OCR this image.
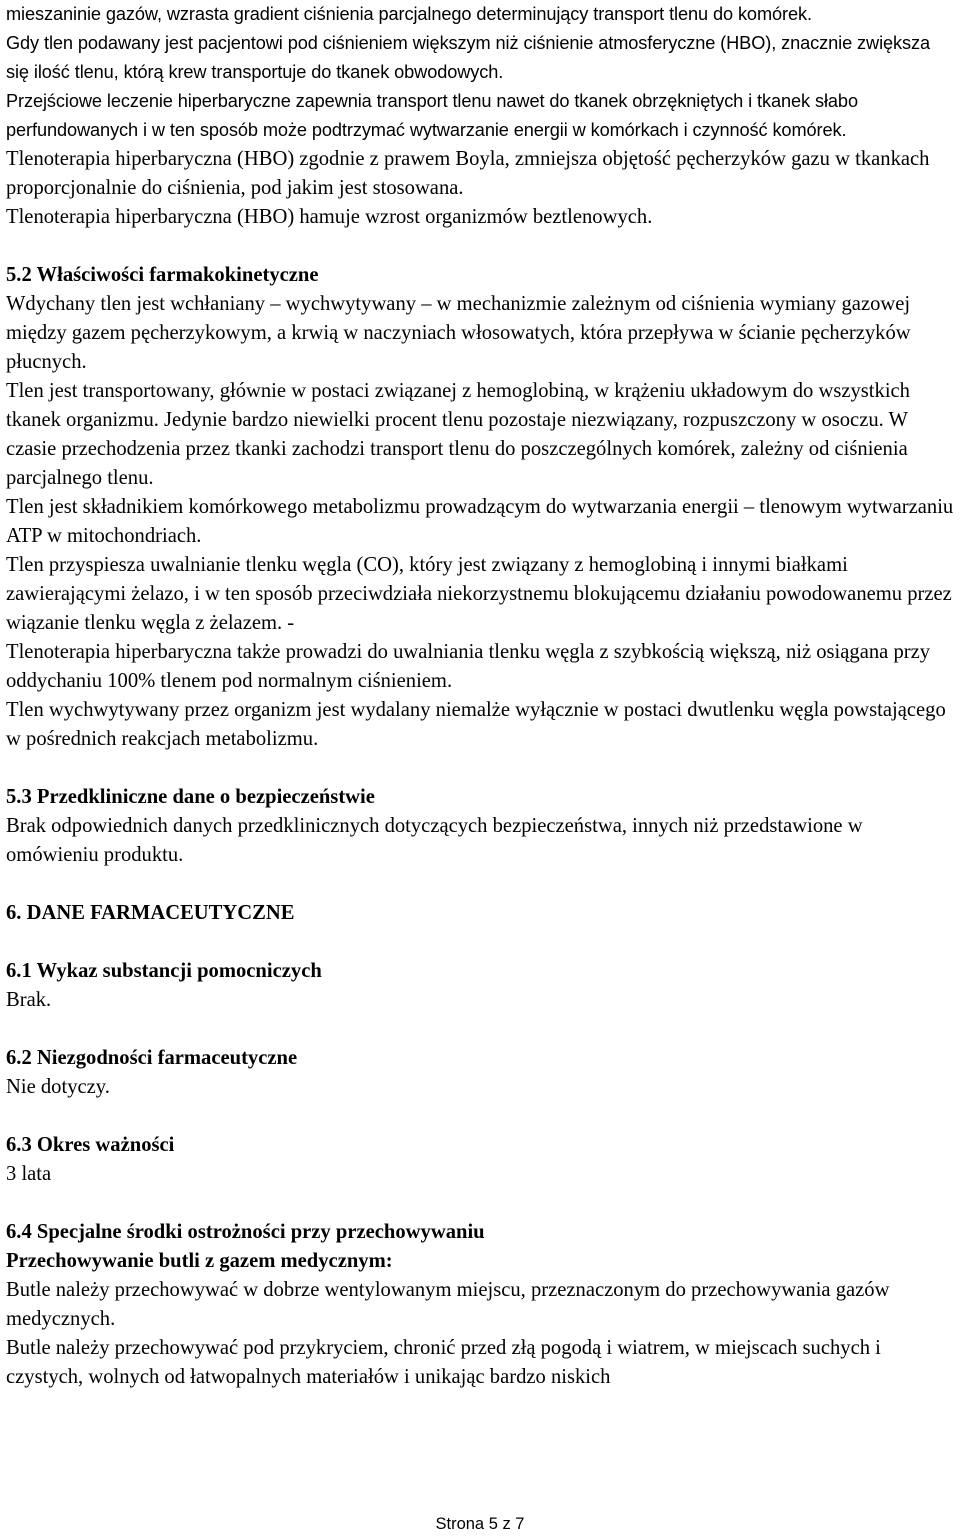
mieszaninie gazów, wzrasta gradient ciśnienia parcjalnego determinujący transport tlenu do komórek.

Gdy tlen podawany jest pacjentowi pod ciśnieniem większym niż ciśnienie atmosferyczne (HBO), znacznie zwiększa się ilość tlenu, którą krew transportuje do tkanek obwodowych.

Przejściowe leczenie hiperbaryczne zapewnia transport tlenu nawet do tkanek obrzękniętych i tkanek słabo perfundowanych i w ten sposób może podtrzymać wytwarzanie energii w komórkach i czynność komórek.

Tlenoterapia hiperbaryczna (HBO) zgodnie z prawem Boyla, zmniejsza objętość pęcherzyków gazu w tkankach proporcjonalnie do ciśnienia, pod jakim jest stosowana.

Tlenoterapia hiperbaryczna (HBO) hamuje wzrost organizmów beztlenowych.

5.2 Właściwości farmakokinetyczne

Wdychany tlen jest wchłaniany – wychwytywany – w mechanizmie zależnym od ciśnienia wymiany gazowej między gazem pęcherzykowym, a krwią w naczyniach włosowatych, która przepływa w ścianie pęcherzyków płucnych.

Tlen jest transportowany, głównie w postaci związanej z hemoglobiną, w krążeniu układowym do wszystkich tkanek organizmu. Jedynie bardzo niewielki procent tlenu pozostaje niezwiązany, rozpuszczony w osoczu. W czasie przechodzenia przez tkanki zachodzi transport tlenu do poszczególnych komórek, zależny od ciśnienia parcjalnego tlenu.

Tlen jest składnikiem komórkowego metabolizmu prowadzącym do wytwarzania energii – tlenowym wytwarzaniu ATP w mitochondriach.

Tlen przyspiesza uwalnianie tlenku węgla (CO), który jest związany z hemoglobiną i innymi białkami zawierającymi żelazo, i w ten sposób przeciwdziała niekorzystnemu blokującemu działaniu powodowanemu przez wiązanie tlenku węgla z żelazem. -

Tlenoterapia hiperbaryczna także prowadzi do uwalniania tlenku węgla z szybkością większą, niż osiągana przy oddychaniu 100% tlenem pod normalnym ciśnieniem.

Tlen wychwytywany przez organizm jest wydalany niemalże wyłącznie w postaci dwutlenku węgla powstającego w pośrednich reakcjach metabolizmu.

5.3 Przedkliniczne dane o bezpieczeństwie

Brak odpowiednich danych przedklinicznych dotyczących bezpieczeństwa, innych niż przedstawione w omówieniu produktu.

6. DANE FARMACEUTYCZNE

6.1 Wykaz substancji pomocniczych

Brak.

6.2 Niezgodności farmaceutyczne

Nie dotyczy.

6.3 Okres ważności

3 lata

6.4 Specjalne środki ostrożności przy przechowywaniu

Przechowywanie butli z gazem medycznym:

Butle należy przechowywać w dobrze wentylowanym miejscu, przeznaczonym do przechowywania gazów medycznych.

Butle należy przechowywać pod przykryciem, chronić przed złą pogodą i wiatrem, w miejscach suchych i czystych, wolnych od łatwopalnych materiałów i unikając bardzo niskich

Strona 5 z 7
